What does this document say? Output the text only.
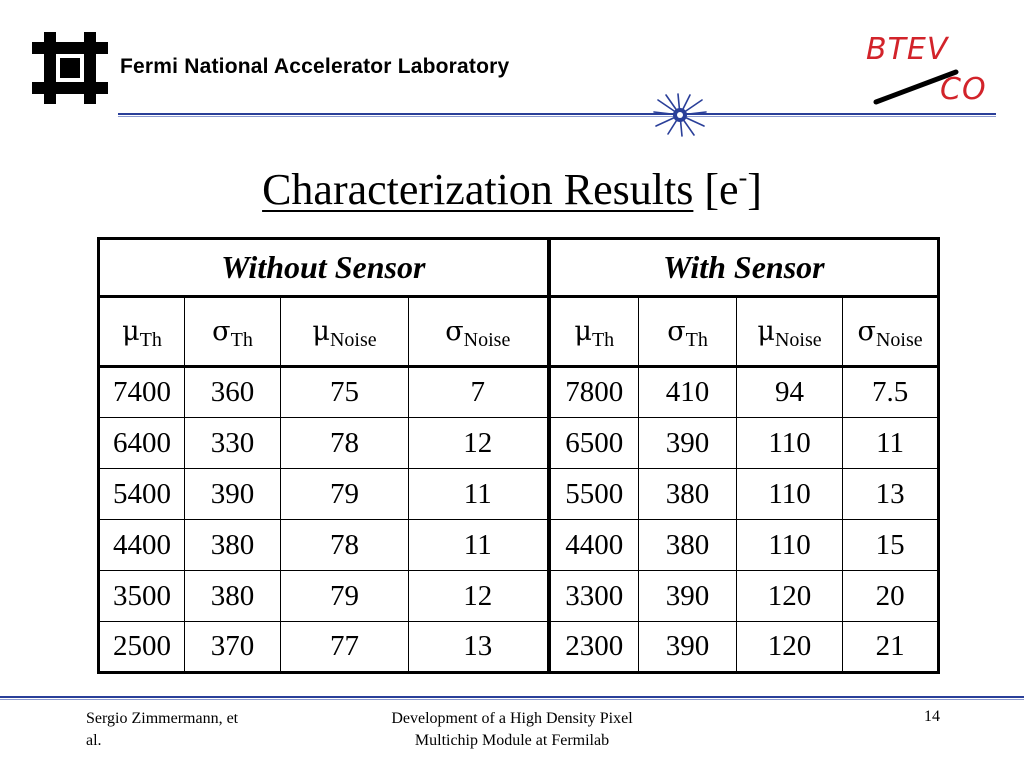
Fermi National Accelerator Laboratory	BTEV
CO
Characterization Results [e-]
Without Sensor				With Sensor			
$\mu_{Th}$	$\sigma_{Th}$	$\mu_{Noise}$	$\sigma_{Noise}$	$\mu_{Th}$	$\sigma_{Th}$	$\mu_{Noise}$	$\sigma_{Noise}$
7400	360	75	7	7800	410	94	7.5
6400	330	78	12	6500	390	110	11
5400	390	79	11	5500	380	110	13
4400	380	78	11	4400	380	110	15
3500	380	79	12	3300	390	120	20
2500	370	77	13	2300	390	120	21
Sergio Zimmermann, et
al.
Development of a High Density Pixel
Multichip Module at Fermilab
14
